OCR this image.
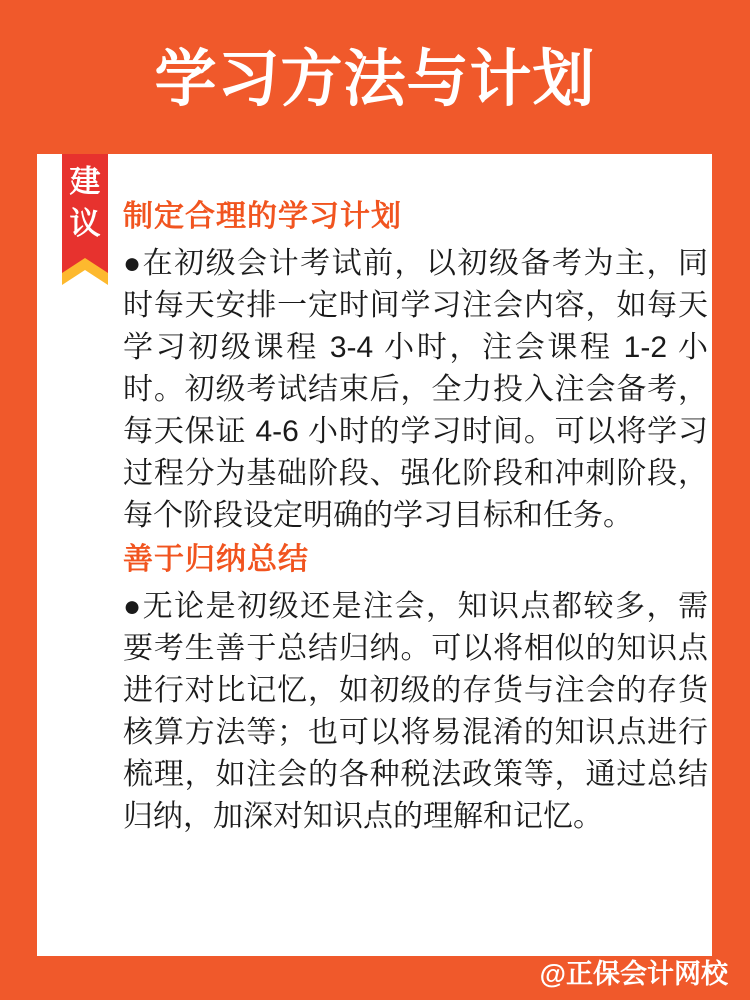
学习方法与计划
建
议 制定合理的学习计划

●在初级会计考试前，以初级备考为主，同时每天安排一定时间学习注会内容，如每天学习初级课程 3-4 小时，注会课程 1-2 小时。初级考试结束后，全力投入注会备考，每天保证 4-6 小时的学习时间。可以将学习过程分为基础阶段、强化阶段和冲刺阶段，每个阶段设定明确的学习目标和任务。

善于归纳总结

●无论是初级还是注会，知识点都较多，需要考生善于总结归纳。可以将相似的知识点进行对比记忆，如初级的存货与注会的存货核算方法等；也可以将易混淆的知识点进行梳理，如注会的各种税法政策等，通过总结归纳，加深对知识点的理解和记忆。

@正保会计网校
